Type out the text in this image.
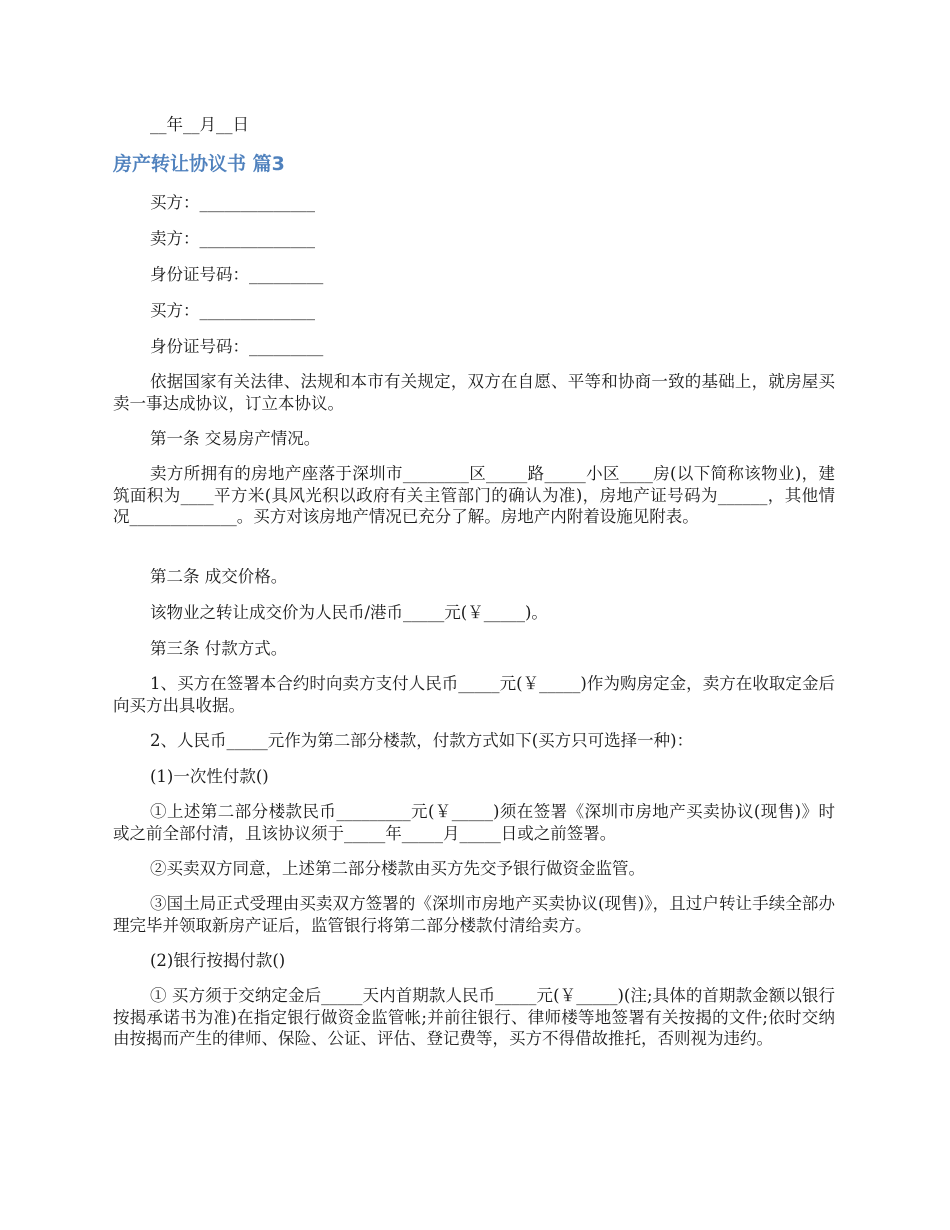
__年__月__日
房产转让协议书 篇3
买方：______________
卖方：______________
身份证号码：_________
买方：______________
身份证号码：_________
依据国家有关法律、法规和本市有关规定，双方在自愿、平等和协商一致的基础上，就房屋买卖一事达成协议，订立本协议。
第一条 交易房产情况。
卖方所拥有的房地产座落于深圳市________区_____路_____小区____房(以下简称该物业)，建筑面积为____平方米(具风光积以政府有关主管部门的确认为准)，房地产证号码为______，其他情况_____________。买方对该房地产情况已充分了解。房地产内附着设施见附表。
第二条 成交价格。
该物业之转让成交价为人民币/港币_____元(￥_____)。
第三条 付款方式。
1、买方在签署本合约时向卖方支付人民币_____元(￥_____)作为购房定金，卖方在收取定金后向买方出具收据。
2、人民币_____元作为第二部分楼款，付款方式如下(买方只可选择一种)：
(1)一次性付款()
①上述第二部分楼款民币_________元(￥_____)须在签署《深圳市房地产买卖协议(现售)》时或之前全部付清，且该协议须于_____年_____月_____日或之前签署。
②买卖双方同意，上述第二部分楼款由买方先交予银行做资金监管。
③国土局正式受理由买卖双方签署的《深圳市房地产买卖协议(现售)》，且过户转让手续全部办理完毕并领取新房产证后，监管银行将第二部分楼款付清给卖方。
(2)银行按揭付款()
① 买方须于交纳定金后_____天内首期款人民币_____元(￥_____)(注;具体的首期款金额以银行按揭承诺书为准)在指定银行做资金监管帐;并前往银行、律师楼等地签署有关按揭的文件;依时交纳由按揭而产生的律师、保险、公证、评估、登记费等，买方不得借故推托，否则视为违约。
